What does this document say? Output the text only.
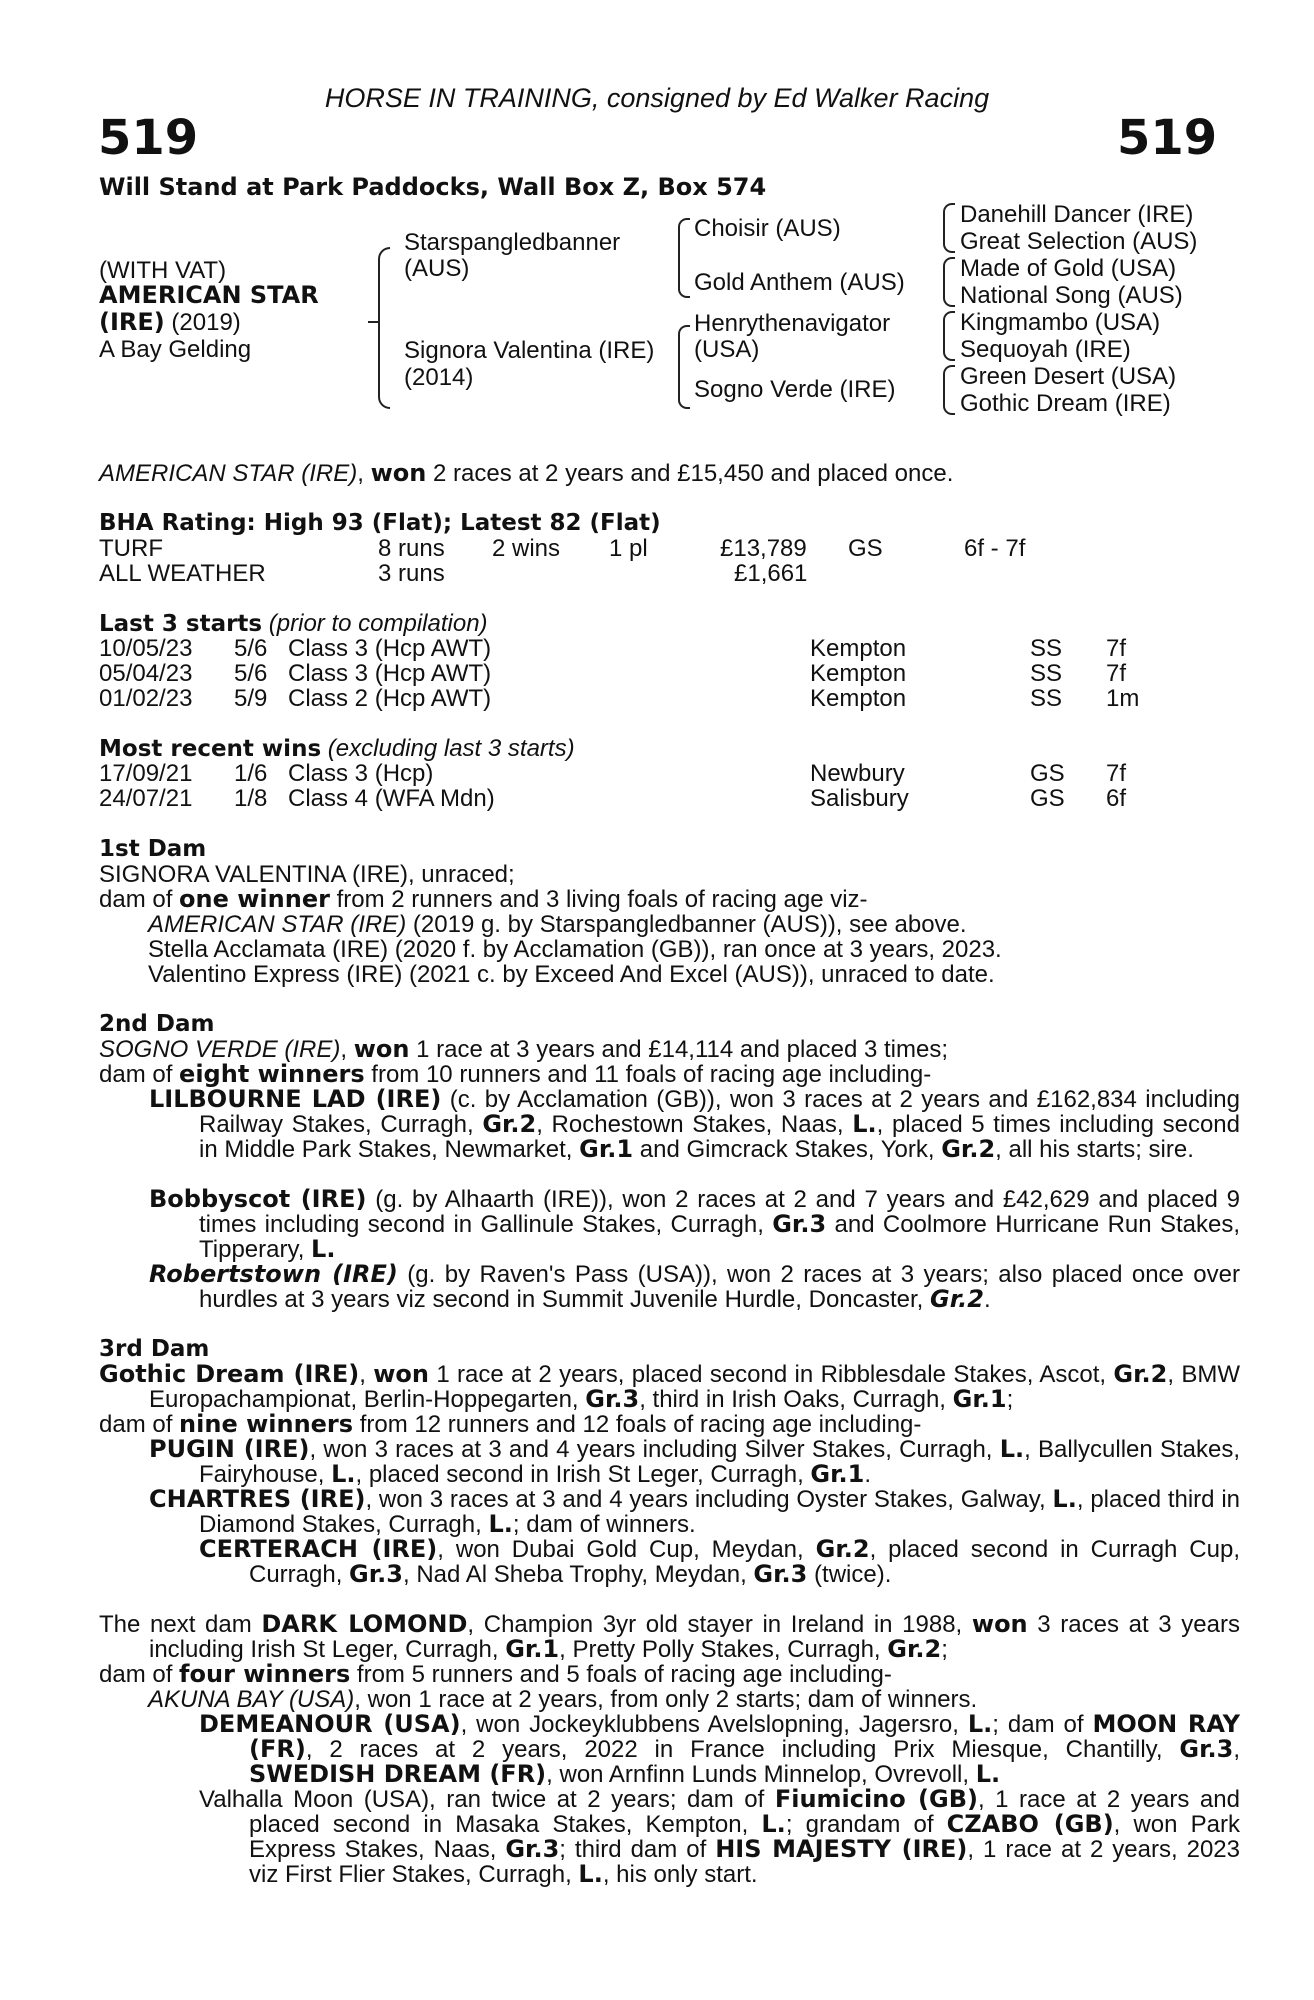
HORSE IN TRAINING, consigned by Ed Walker Racing
519	519
Will Stand at Park Paddocks, Wall Box Z, Box 574
(WITH VAT)
AMERICAN STAR
(IRE) (2019)
A Bay Gelding
Starspangledbanner
(AUS)
Signora Valentina (IRE)
(2014)
Choisir (AUS)
Gold Anthem (AUS)
Henrythenavigator
(USA)
Sogno Verde (IRE)
Danehill Dancer (IRE)
Great Selection (AUS)
Made of Gold (USA)
National Song (AUS)
Kingmambo (USA)
Sequoyah (IRE)
Green Desert (USA)
Gothic Dream (IRE)
AMERICAN STAR (IRE), won 2 races at 2 years and £15,450 and placed once.
BHA Rating: High 93 (Flat); Latest 82 (Flat)
TURF	8 runs 2 wins 1 pl	£13,789 GS	6f - 7f
ALL WEATHER	3 runs	£1,661
Last 3 starts (prior to compilation)
10/05/23 5/6 Class 3 (Hcp AWT)	Kempton	SS 7f
05/04/23 5/6 Class 3 (Hcp AWT)	Kempton	SS 7f
01/02/23 5/9 Class 2 (Hcp AWT)	Kempton	SS 1m
Most recent wins (excluding last 3 starts)
17/09/21 1/6 Class 3 (Hcp)	Newbury	GS 7f
24/07/21 1/8 Class 4 (WFA Mdn)	Salisbury	GS 6f
1st Dam
SIGNORA VALENTINA (IRE), unraced;
dam of one winner from 2 runners and 3 living foals of racing age viz-
AMERICAN STAR (IRE) (2019 g. by Starspangledbanner (AUS)), see above.
Stella Acclamata (IRE) (2020 f. by Acclamation (GB)), ran once at 3 years, 2023.
Valentino Express (IRE) (2021 c. by Exceed And Excel (AUS)), unraced to date.
2nd Dam
SOGNO VERDE (IRE), won 1 race at 3 years and £14,114 and placed 3 times;
dam of eight winners from 10 runners and 11 foals of racing age including-
LILBOURNE LAD (IRE) (c. by Acclamation (GB)), won 3 races at 2 years and £162,834 including Railway Stakes, Curragh, Gr.2, Rochestown Stakes, Naas, L., placed 5 times including second in Middle Park Stakes, Newmarket, Gr.1 and Gimcrack Stakes, York, Gr.2, all his starts; sire.
Bobbyscot (IRE) (g. by Alhaarth (IRE)), won 2 races at 2 and 7 years and £42,629 and placed 9 times including second in Gallinule Stakes, Curragh, Gr.3 and Coolmore Hurricane Run Stakes, Tipperary, L.
Robertstown (IRE) (g. by Raven's Pass (USA)), won 2 races at 3 years; also placed once over hurdles at 3 years viz second in Summit Juvenile Hurdle, Doncaster, Gr.2.
3rd Dam
Gothic Dream (IRE), won 1 race at 2 years, placed second in Ribblesdale Stakes, Ascot, Gr.2, BMW Europachampionat, Berlin-Hoppegarten, Gr.3, third in Irish Oaks, Curragh, Gr.1;
dam of nine winners from 12 runners and 12 foals of racing age including-
PUGIN (IRE), won 3 races at 3 and 4 years including Silver Stakes, Curragh, L., Ballycullen Stakes, Fairyhouse, L., placed second in Irish St Leger, Curragh, Gr.1.
CHARTRES (IRE), won 3 races at 3 and 4 years including Oyster Stakes, Galway, L., placed third in Diamond Stakes, Curragh, L.; dam of winners.
CERTERACH (IRE), won Dubai Gold Cup, Meydan, Gr.2, placed second in Curragh Cup, Curragh, Gr.3, Nad Al Sheba Trophy, Meydan, Gr.3 (twice).
The next dam DARK LOMOND, Champion 3yr old stayer in Ireland in 1988, won 3 races at 3 years including Irish St Leger, Curragh, Gr.1, Pretty Polly Stakes, Curragh, Gr.2;
dam of four winners from 5 runners and 5 foals of racing age including-
AKUNA BAY (USA), won 1 race at 2 years, from only 2 starts; dam of winners.
DEMEANOUR (USA), won Jockeyklubbens Avelslopning, Jagersro, L.; dam of MOON RAY (FR), 2 races at 2 years, 2022 in France including Prix Miesque, Chantilly, Gr.3, SWEDISH DREAM (FR), won Arnfinn Lunds Minnelop, Ovrevoll, L.
Valhalla Moon (USA), ran twice at 2 years; dam of Fiumicino (GB), 1 race at 2 years and placed second in Masaka Stakes, Kempton, L.; grandam of CZABO (GB), won Park Express Stakes, Naas, Gr.3; third dam of HIS MAJESTY (IRE), 1 race at 2 years, 2023 viz First Flier Stakes, Curragh, L., his only start.
